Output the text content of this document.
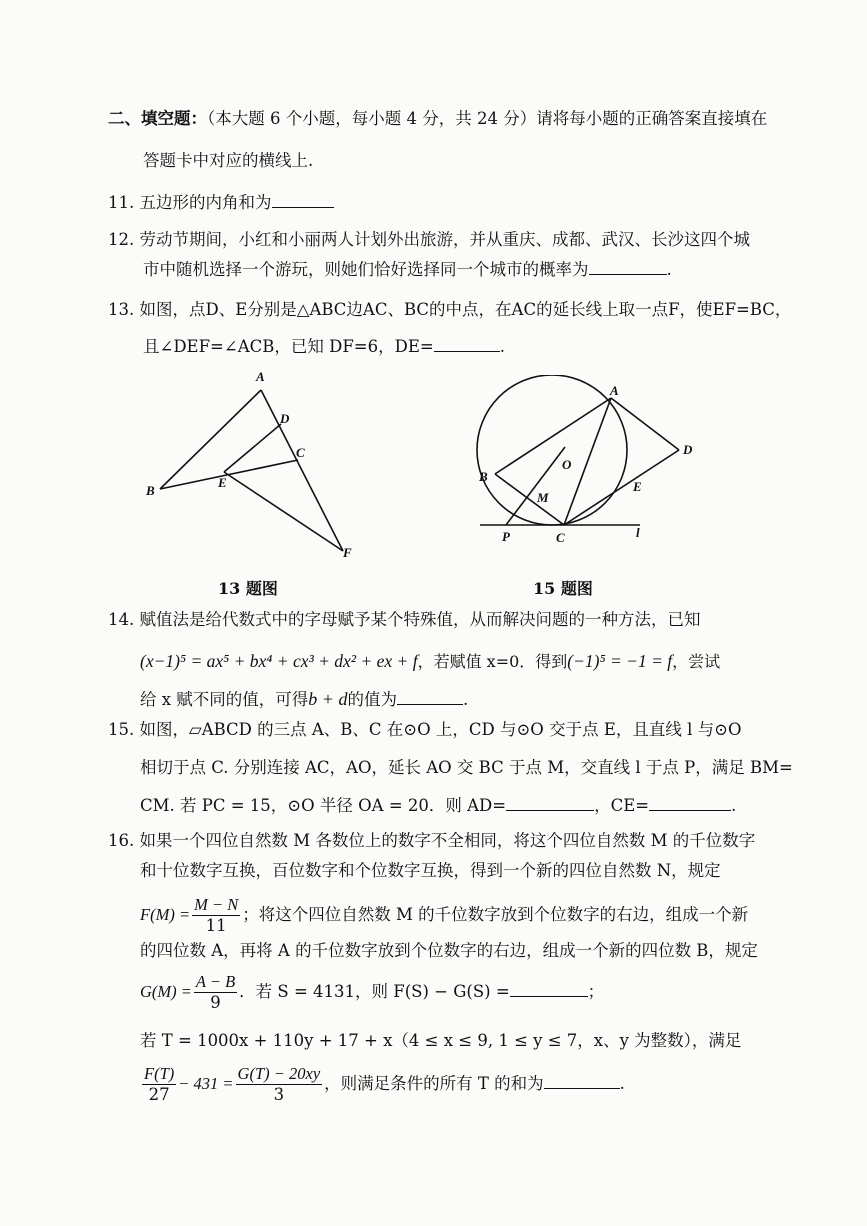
二、填空题：（本大题 6 个小题，每小题 4 分，共 24 分）请将每小题的正确答案直接填在
答题卡中对应的横线上.
11. 五边形的内角和为
12. 劳动节期间，小红和小丽两人计划外出旅游，并从重庆、成都、武汉、长沙这四个城
市中随机选择一个游玩，则她们恰好选择同一个城市的概率为	.
13. 如图，点D、E分别是△ABC边AC、BC的中点，在AC的延长线上取一点F，使EF=BC，
且∠DEF=∠ACB，已知 DF=6，DE=	.
A
B
C
D
E
F
13 题图
A
B
C
D
E
O
M
P	l
15 题图
14. 赋值法是给代数式中的字母赋予某个特殊值，从而解决问题的一种方法，已知
(x−1)⁵ = ax⁵ + bx⁴ + cx³ + dx² + ex + f，若赋值 x=0．得到(−1)⁵ = −1 = f，尝试
给 x 赋不同的值，可得b + d的值为	.
15. 如图，▱ABCD 的三点 A、B、C 在⊙O 上，CD 与⊙O 交于点 E，且直线 l 与⊙O
相切于点 C. 分别连接 AC，AO，延长 AO 交 BC 于点 M，交直线 l 于点 P，满足 BM=
CM. 若 PC = 15，⊙O 半径 OA = 20．则 AD=	，CE=	.
16. 如果一个四位自然数 M 各数位上的数字不全相同，将这个四位自然数 M 的千位数字
和十位数字互换，百位数字和个位数字互换，得到一个新的四位自然数 N，规定
$F(M) = \frac{M - N}{11}$ ；将这个四位自然数 M 的千位数字放到个位数字的右边，组成一个新
的四位数 A，再将 A 的千位数字放到个位数字的右边，组成一个新的四位数 B，规定
$G(M) = \frac{A - B}{9}$ ．若 S = 4131，则 F(S) − G(S) =	；
若 T = 1000x + 110y + 17 + x（4 ≤ x ≤ 9, 1 ≤ y ≤ 7，x、y 为整数），满足
$\frac{F(T)}{27} - 431 = \frac{G(T) - 20xy}{3}$ ，则满足条件的所有 T 的和为	.
